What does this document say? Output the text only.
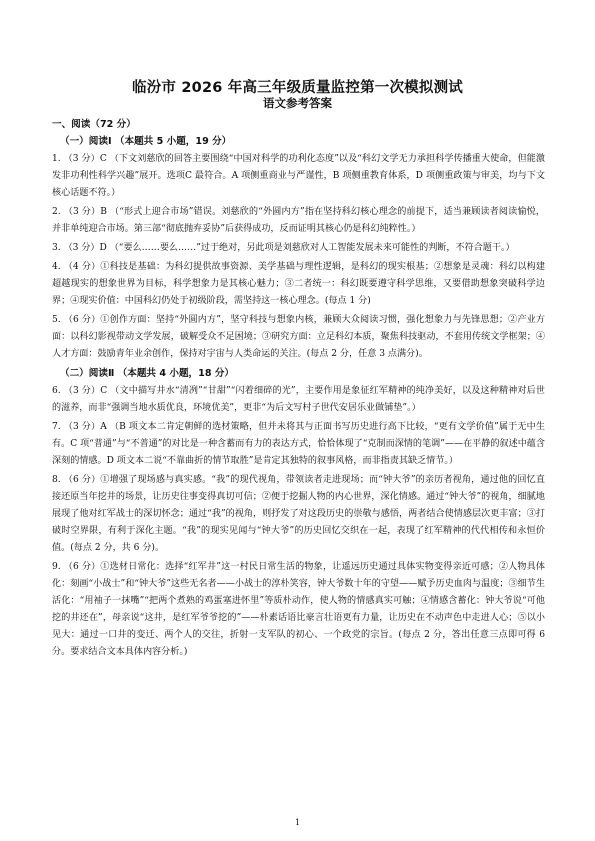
临汾市 2026 年高三年级质量监控第一次模拟测试
语文参考答案
一、阅读（72 分）
（一）阅读Ⅰ （本题共 5 小题，19 分）

1. （3 分）C （下文刘慈欣的回答主要围绕“中国对科学的功利化态度”以及“科幻文学无力承担科学传播重大使命，但能激发非功利性科学兴趣”展开。选项C 最符合。A 项侧重商业与严谨性，B 项侧重教育体系，D 项侧重政策与审美，均与下文核心话题不符。）

2. （3 分）B （“形式上迎合市场”错误。刘慈欣的“外圆内方”指在坚持科幻核心理念的前提下，适当兼顾读者阅读愉悦，并非单纯迎合市场。第三部“彻底抛弃妥协”后获得成功，反而证明其核心仍是科幻纯粹性。）

3. （3 分）D （“要么……要么……”过于绝对，另此项是刘慈欣对人工智能发展未来可能性的判断，不符合题干。）

4. （4 分）①科技是基础：为科幻提供故事资源、美学基础与理性逻辑，是科幻的现实根基；②想象是灵魂：科幻以构建超越现实的想象世界为目标，科学想象力是其核心魅力；③二者统一：科幻既要遵守科学思维，又要借助想象突破科学边界；④现实价值：中国科幻仍处于初级阶段，需坚持这一核心理念。(每点 1 分)

5. （6 分）①创作方面：坚持“外圆内方”，坚守科技与想象内核，兼顾大众阅读习惯，强化想象力与先锋思想；②产业方面：以科幻影视带动文学发展，破解受众不足困境；③研究方面：立足科幻本质，聚焦科技驱动，不套用传统文学框架；④人才方面：鼓励青年业余创作，保持对宇宙与人类命运的关注。(每点 2 分，任意 3 点满分)。

（二）阅读Ⅱ （本题共 4 小题，18 分）

6. （3 分）C （文中描写井水“清冽”“甘甜”“闪着细碎的光”，主要作用是象征红军精神的纯净美好，以及这种精神对后世的滋养，而非“强调当地水质优良，环境优美”，更非“为后文写村子世代安居乐业做铺垫”。）

7. （3 分）A （B 项文本二肯定朝鲜的选材策略，但并未将其与正面书写历史进行高下比较，“更有文学价值”属于无中生有。C 项“普通”与“不普通”的对比是一种含蓄而有力的表达方式，恰恰体现了“克制而深情的笔调”——在平静的叙述中蕴含深刻的情感。D 项文本二说“不靠曲折的情节取胜”是肯定其独特的叙事风格，而非指责其缺乏情节。）

8. （6 分）①增强了现场感与真实感。“我”的现代视角，带领读者走进现场；而“钟大爷”的亲历者视角，通过他的回忆直接还原当年挖井的场景，让历史往事变得真切可信；②便于挖掘人物的内心世界，深化情感。通过“钟大爷”的视角，细腻地展现了他对红军战士的深切怀念；通过“我”的视角，则抒发了对这段历史的崇敬与感悟，两者结合使情感层次更丰富；③打破时空界限，有利于深化主题。“我”的现实见闻与“钟大爷”的历史回忆交织在一起，表现了红军精神的代代相传和永恒价值。(每点 2 分，共 6 分)。

9. （6 分）①选材日常化：选择“红军井”这一村民日常生活的物象，让遥远历史通过具体实物变得亲近可感；②人物具体化：刻画“小战士”和“钟大爷”这些无名者——小战士的淳朴笑容，钟大爷数十年的守望——赋予历史血肉与温度；③细节生活化：“用袖子一抹嘴”“把两个煮熟的鸡蛋塞进怀里”等质朴动作，使人物的情感真实可触；④情感含蓄化：钟大爷说“可他挖的井还在”，母亲说“这井，是红军爷爷挖的”——朴素话语比豪言壮语更有力量，让历史在不动声色中走进人心；⑤以小见大：通过一口井的变迁、两个人的交往，折射一支军队的初心、一个政党的宗旨。(每点 2 分，答出任意三点即可得 6 分。要求结合文本具体内容分析。)

1
